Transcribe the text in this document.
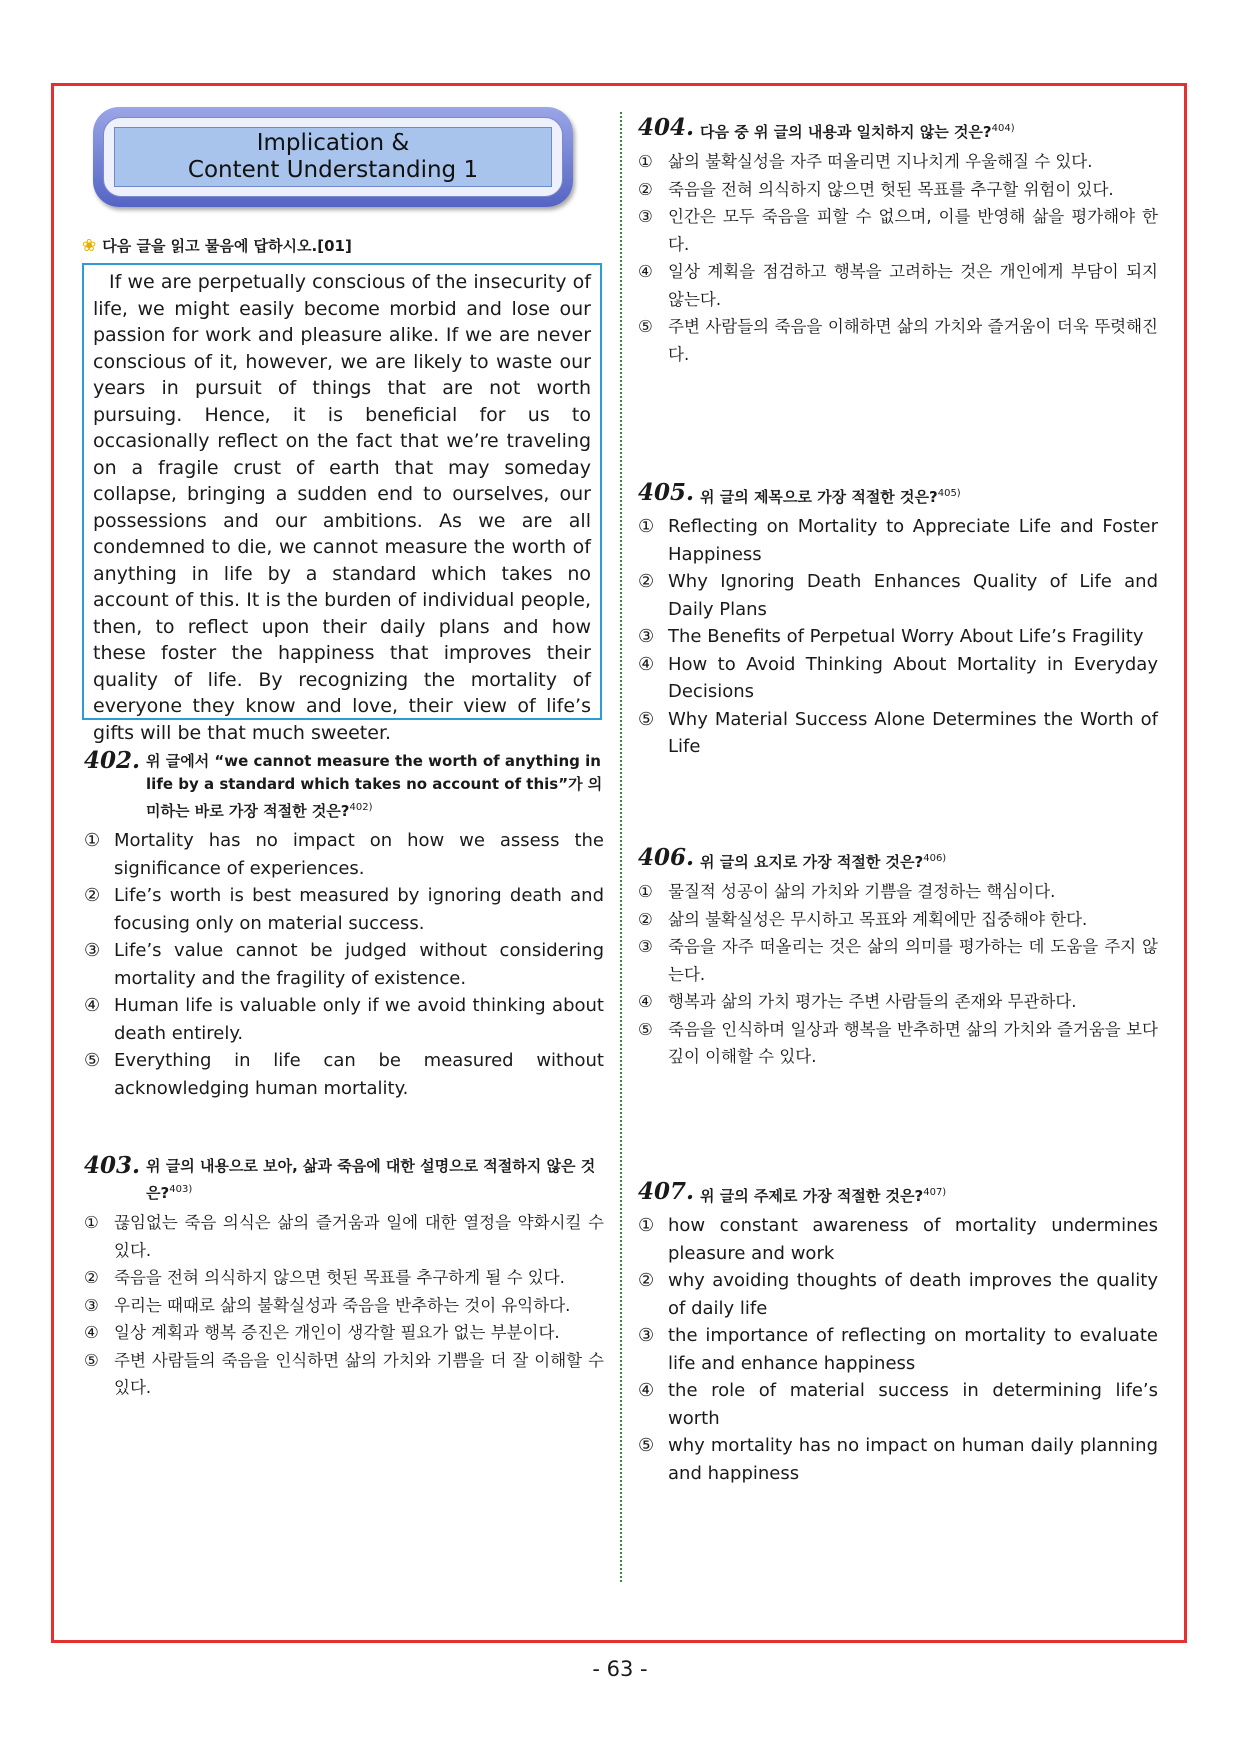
Implication &
Content Understanding 1
❀ 다음 글을 읽고 물음에 답하시오.[01]
If we are perpetually conscious of the insecurity of life, we might easily become morbid and lose our passion for work and pleasure alike. If we are never conscious of it, however, we are likely to waste our years in pursuit of things that are not worth pursuing. Hence, it is beneficial for us to occasionally reflect on the fact that we’re traveling on a fragile crust of earth that may someday collapse, bringing a sudden end to ourselves, our possessions and our ambitions. As we are all condemned to die, we cannot measure the worth of anything in life by a standard which takes no account of this. It is the burden of individual people, then, to reflect upon their daily plans and how these foster the happiness that improves their quality of life. By recognizing the mortality of everyone they know and love, their view of life’s gifts will be that much sweeter.
402. 위 글에서 “we cannot measure the worth of anything in life by a standard which takes no account of this”가 의미하는 바로 가장 적절한 것은?$^{402)}$
① Mortality has no impact on how we assess the significance of experiences.
② Life’s worth is best measured by ignoring death and focusing only on material success.
③ Life’s value cannot be judged without considering mortality and the fragility of existence.
④ Human life is valuable only if we avoid thinking about death entirely.
⑤ Everything in life can be measured without acknowledging human mortality.
403. 위 글의 내용으로 보아, 삶과 죽음에 대한 설명으로 적절하지 않은 것은?$^{403)}$
① 끊임없는 죽음 의식은 삶의 즐거움과 일에 대한 열정을 약화시킬 수 있다.
② 죽음을 전혀 의식하지 않으면 헛된 목표를 추구하게 될 수 있다.
③ 우리는 때때로 삶의 불확실성과 죽음을 반추하는 것이 유익하다.
④ 일상 계획과 행복 증진은 개인이 생각할 필요가 없는 부분이다.
⑤ 주변 사람들의 죽음을 인식하면 삶의 가치와 기쁨을 더 잘 이해할 수 있다.
404. 다음 중 위 글의 내용과 일치하지 않는 것은?$^{404)}$
① 삶의 불확실성을 자주 떠올리면 지나치게 우울해질 수 있다.
② 죽음을 전혀 의식하지 않으면 헛된 목표를 추구할 위험이 있다.
③ 인간은 모두 죽음을 피할 수 없으며, 이를 반영해 삶을 평가해야 한다.
④ 일상 계획을 점검하고 행복을 고려하는 것은 개인에게 부담이 되지 않는다.
⑤ 주변 사람들의 죽음을 이해하면 삶의 가치와 즐거움이 더욱 뚜렷해진다.
405. 위 글의 제목으로 가장 적절한 것은?$^{405)}$
① Reflecting on Mortality to Appreciate Life and Foster Happiness
② Why Ignoring Death Enhances Quality of Life and Daily Plans
③ The Benefits of Perpetual Worry About Life’s Fragility
④ How to Avoid Thinking About Mortality in Everyday Decisions
⑤ Why Material Success Alone Determines the Worth of Life
406. 위 글의 요지로 가장 적절한 것은?$^{406)}$
① 물질적 성공이 삶의 가치와 기쁨을 결정하는 핵심이다.
② 삶의 불확실성은 무시하고 목표와 계획에만 집중해야 한다.
③ 죽음을 자주 떠올리는 것은 삶의 의미를 평가하는 데 도움을 주지 않는다.
④ 행복과 삶의 가치 평가는 주변 사람들의 존재와 무관하다.
⑤ 죽음을 인식하며 일상과 행복을 반추하면 삶의 가치와 즐거움을 보다 깊이 이해할 수 있다.
407. 위 글의 주제로 가장 적절한 것은?$^{407)}$
① how constant awareness of mortality undermines pleasure and work
② why avoiding thoughts of death improves the quality of daily life
③ the importance of reflecting on mortality to evaluate life and enhance happiness
④ the role of material success in determining life’s worth
⑤ why mortality has no impact on human daily planning and happiness
- 63 -
